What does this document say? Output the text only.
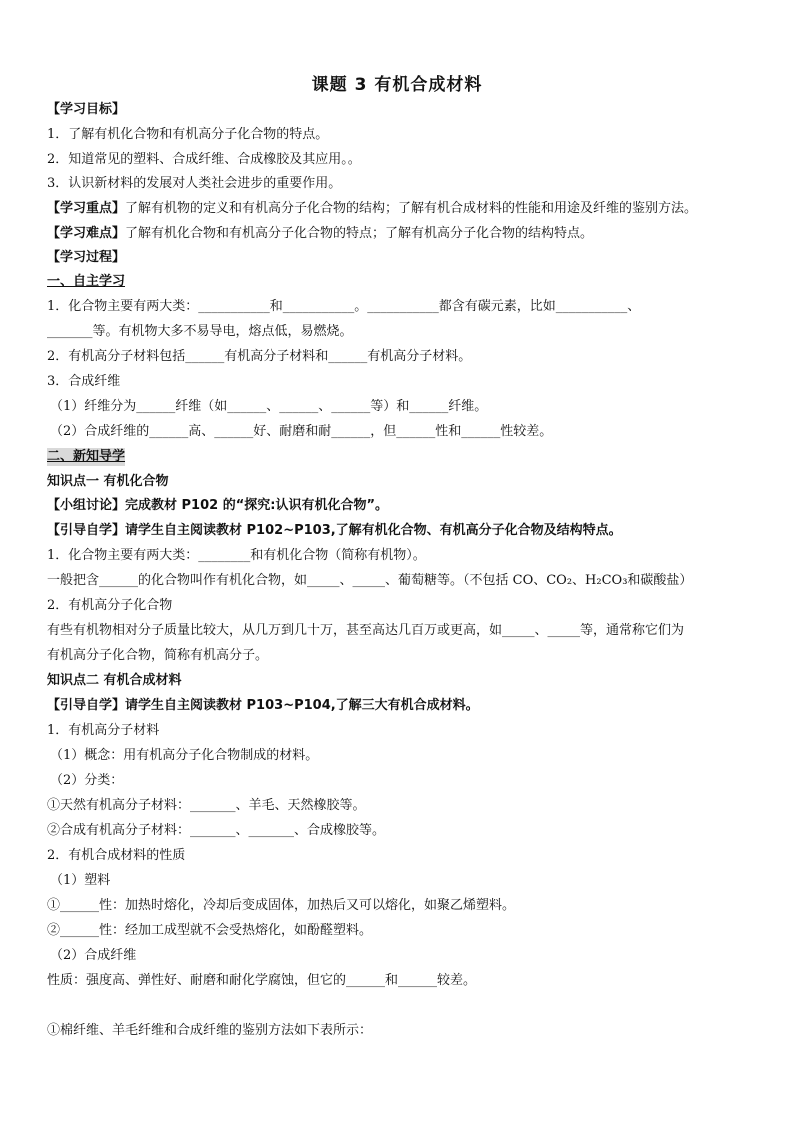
课题 3 有机合成材料
【学习目标】
1．了解有机化合物和有机高分子化合物的特点。
2．知道常见的塑料、合成纤维、合成橡胶及其应用。。
3．认识新材料的发展对人类社会进步的重要作用。
【学习重点】了解有机物的定义和有机高分子化合物的结构；了解有机合成材料的性能和用途及纤维的鉴别方法。
【学习难点】了解有机化合物和有机高分子化合物的特点；了解有机高分子化合物的结构特点。
【学习过程】
一、自主学习
1．化合物主要有两大类：___________和___________。___________都含有碳元素，比如___________、
_______等。有机物大多不易导电，熔点低，易燃烧。
2．有机高分子材料包括______有机高分子材料和______有机高分子材料。
3．合成纤维
（1）纤维分为______纤维（如______、______、______等）和______纤维。
（2）合成纤维的______高、______好、耐磨和耐______，但______性和______性较差。
二、新知导学
知识点一 有机化合物
【小组讨论】完成教材 P102 的“探究:认识有机化合物”。
【引导自学】请学生自主阅读教材 P102~P103,了解有机化合物、有机高分子化合物及结构特点。
1．化合物主要有两大类：________和有机化合物（简称有机物）。
一般把含______的化合物叫作有机化合物，如_____、_____、葡萄糖等。（不包括 CO、CO₂、H₂CO₃和碳酸盐）
2．有机高分子化合物
有些有机物相对分子质量比较大，从几万到几十万，甚至高达几百万或更高，如_____、_____等，通常称它们为
有机高分子化合物，简称有机高分子。
知识点二 有机合成材料
【引导自学】请学生自主阅读教材 P103~P104,了解三大有机合成材料。
1．有机高分子材料
（1）概念：用有机高分子化合物制成的材料。
（2）分类：
①天然有机高分子材料：_______、羊毛、天然橡胶等。
②合成有机高分子材料：_______、_______、合成橡胶等。
2．有机合成材料的性质
（1）塑料
①______性：加热时熔化，冷却后变成固体，加热后又可以熔化，如聚乙烯塑料。
②______性：经加工成型就不会受热熔化，如酚醛塑料。
（2）合成纤维
性质：强度高、弹性好、耐磨和耐化学腐蚀，但它的______和______较差。
①棉纤维、羊毛纤维和合成纤维的鉴别方法如下表所示：
